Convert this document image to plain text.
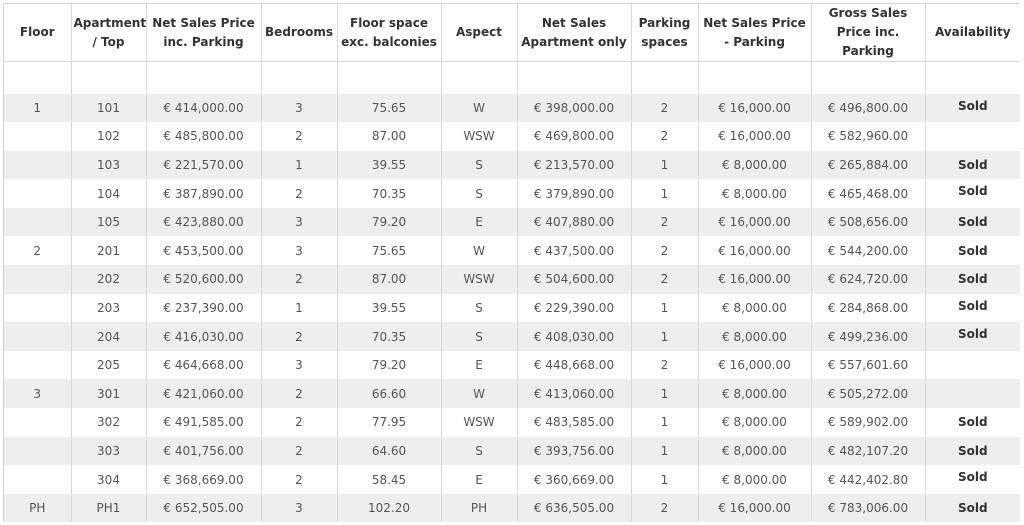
Floor	Apartment / Top	Net Sales Price inc. Parking	Bedrooms	Floor space exc. balconies	Aspect	Net Sales Apartment only	Parking spaces	Net Sales Price - Parking	Gross Sales Price inc. Parking	Availability

1	101	€ 414,000.00	3	75.65	W	€ 398,000.00	2	€ 16,000.00	€ 496,800.00	Sold
	102	€ 485,800.00	2	87.00	WSW	€ 469,800.00	2	€ 16,000.00	€ 582,960.00	
	103	€ 221,570.00	1	39.55	S	€ 213,570.00	1	€ 8,000.00	€ 265,884.00	Sold
	104	€ 387,890.00	2	70.35	S	€ 379,890.00	1	€ 8,000.00	€ 465,468.00	Sold
	105	€ 423,880.00	3	79.20	E	€ 407,880.00	2	€ 16,000.00	€ 508,656.00	Sold
2	201	€ 453,500.00	3	75.65	W	€ 437,500.00	2	€ 16,000.00	€ 544,200.00	Sold
	202	€ 520,600.00	2	87.00	WSW	€ 504,600.00	2	€ 16,000.00	€ 624,720.00	Sold
	203	€ 237,390.00	1	39.55	S	€ 229,390.00	1	€ 8,000.00	€ 284,868.00	Sold
	204	€ 416,030.00	2	70.35	S	€ 408,030.00	1	€ 8,000.00	€ 499,236.00	Sold
	205	€ 464,668.00	3	79.20	E	€ 448,668.00	2	€ 16,000.00	€ 557,601.60	
3	301	€ 421,060.00	2	66.60	W	€ 413,060.00	1	€ 8,000.00	€ 505,272.00	
	302	€ 491,585.00	2	77.95	WSW	€ 483,585.00	1	€ 8,000.00	€ 589,902.00	Sold
	303	€ 401,756.00	2	64.60	S	€ 393,756.00	1	€ 8,000.00	€ 482,107.20	Sold
	304	€ 368,669.00	2	58.45	E	€ 360,669.00	1	€ 8,000.00	€ 442,402.80	Sold
PH	PH1	€ 652,505.00	3	102.20	PH	€ 636,505.00	2	€ 16,000.00	€ 783,006.00	Sold
